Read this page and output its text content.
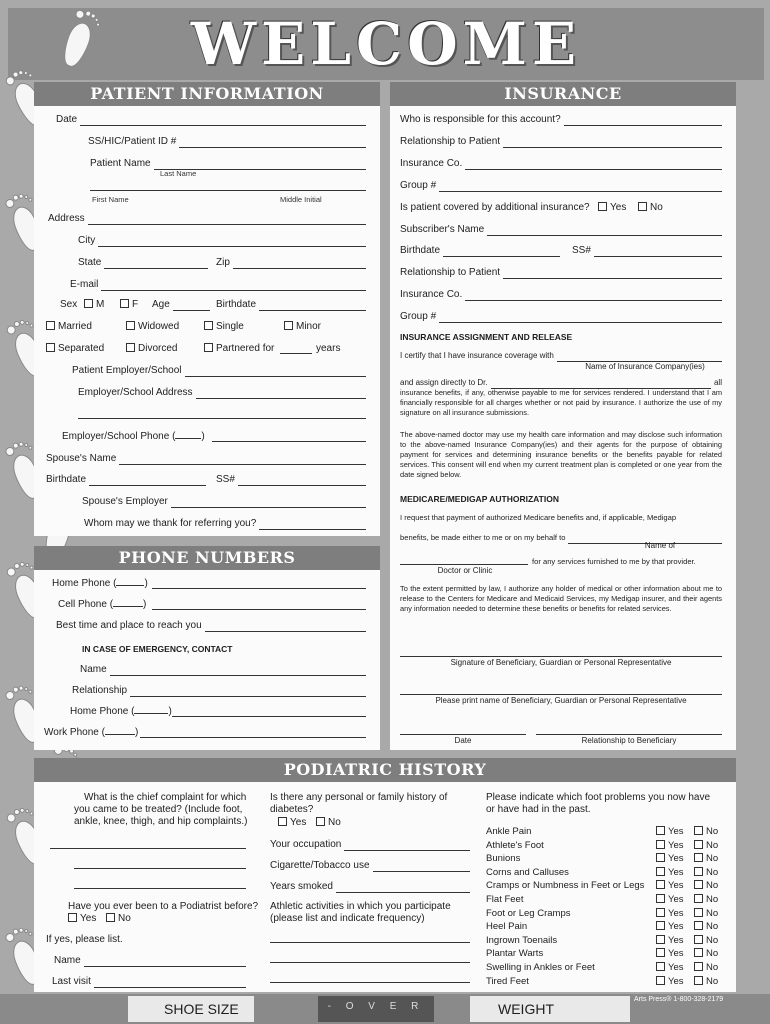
WELCOME
PATIENT INFORMATION
Date
SS/HIC/Patient ID #
Patient Name
Last Name
First Name	Middle Initial
Address
City
State	Zip
E-mail
Sex	M	F Age	Birthdate
Married	Widowed	Single	Minor
Separated	Divorced	Partnered for	years
Patient Employer/School
Employer/School Address
Employer/School Phone (	)
Spouse's Name
Birthdate	SS#
Spouse's Employer
Whom may we thank for referring you?
PHONE NUMBERS
Home Phone (	)
Cell Phone (	)
Best time and place to reach you
IN CASE OF EMERGENCY, CONTACT
Name
Relationship
Home Phone (	)
Work Phone (	)
INSURANCE
Who is responsible for this account?
Relationship to Patient
Insurance Co.
Group #
Is patient covered by additional insurance?	Yes	No
Subscriber's Name
Birthdate	SS#
Relationship to Patient
Insurance Co.
Group #
INSURANCE ASSIGNMENT AND RELEASE
I certify that I have insurance coverage with
Name of Insurance Company(ies)
and assign directly to Dr.	all
insurance benefits, if any, otherwise payable to me for services rendered. I understand that I am financially responsible for all charges whether or not paid by insurance. I authorize the use of my signature on all insurance submissions.
The above-named doctor may use my health care information and may disclose such information to the above-named Insurance Company(ies) and their agents for the purpose of obtaining payment for services and determining insurance benefits or the benefits payable for related services. This consent will end when my current treatment plan is completed or one year from the date signed below.
MEDICARE/MEDIGAP AUTHORIZATION
I request that payment of authorized Medicare benefits and, if applicable, Medigap
benefits, be made either to me or on my behalf to
Name of
for any services furnished to me by that provider.
Doctor or Clinic
To the extent permitted by law, I authorize any holder of medical or other information about me to release to the Centers for Medicare and Medicaid Services, my Medigap insurer, and their agents any information needed to determine these benefits or benefits for related services.
Signature of Beneficiary, Guardian or Personal Representative
Please print name of Beneficiary, Guardian or Personal Representative
Date	Relationship to Beneficiary
PODIATRIC HISTORY
What is the chief complaint for which
you came to be treated? (Include foot,
ankle, knee, thigh, and hip complaints.)
Have you ever been to a Podiatrist before?
Yes	No
If yes, please list.
Name
Last visit
Is there any personal or family history of
diabetes?
Yes	No
Your occupation
Cigarette/Tobacco use
Years smoked
Athletic activities in which you participate
(please list and indicate frequency)
Please indicate which foot problems you now have
or have had in the past.
Ankle Pain	Yes	No
Athlete's Foot	Yes	No
Bunions	Yes	No
Corns and Calluses	Yes	No
Cramps or Numbness in Feet or Legs	Yes	No
Flat Feet	Yes	No
Foot or Leg Cramps	Yes	No
Heel Pain	Yes	No
Ingrown Toenails	Yes	No
Plantar Warts	Yes	No
Swelling in Ankles or Feet	Yes	No
Tired Feet	Yes	No
SHOE SIZE	- O V E R	WEIGHT
Arts Press® 1-800-328-2179
